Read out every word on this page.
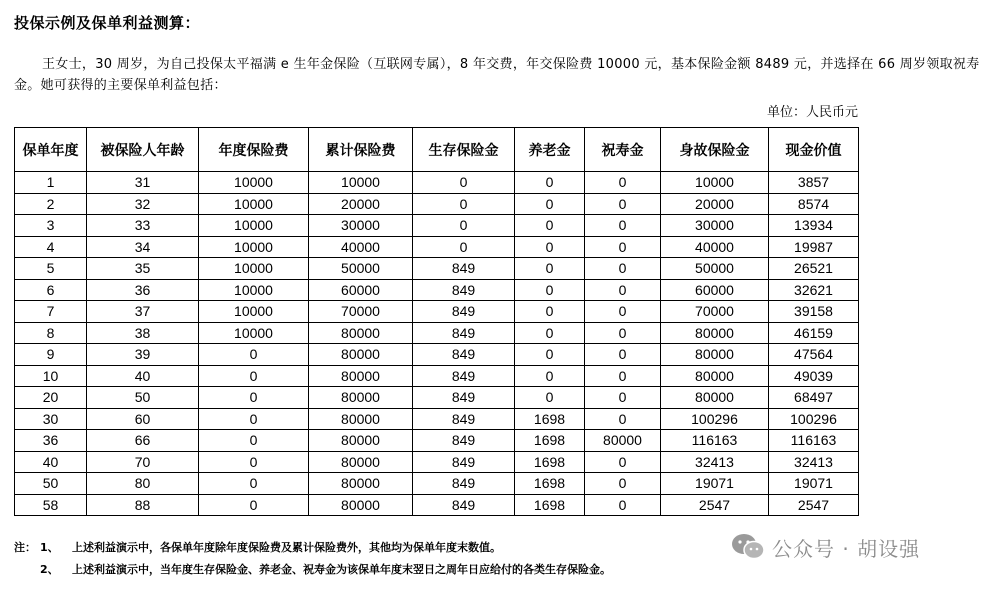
投保示例及保单利益测算：
王女士，30 周岁，为自己投保太平福满 e 生年金保险（互联网专属），8 年交费，年交保险费 10000 元，基本保险金额 8489 元，并选择在 66 周岁领取祝寿金。她可获得的主要保单利益包括：
单位：人民币元
保单年度	被保险人年龄	年度保险费	累计保险费	生存保险金	养老金	祝寿金	身故保险金	现金价值
1	31	10000	10000	0	0	0	10000	3857
2	32	10000	20000	0	0	0	20000	8574
3	33	10000	30000	0	0	0	30000	13934
4	34	10000	40000	0	0	0	40000	19987
5	35	10000	50000	849	0	0	50000	26521
6	36	10000	60000	849	0	0	60000	32621
7	37	10000	70000	849	0	0	70000	39158
8	38	10000	80000	849	0	0	80000	46159
9	39	0	80000	849	0	0	80000	47564
10	40	0	80000	849	0	0	80000	49039
20	50	0	80000	849	0	0	80000	68497
30	60	0	80000	849	1698	0	100296	100296
36	66	0	80000	849	1698	80000	116163	116163
40	70	0	80000	849	1698	0	32413	32413
50	80	0	80000	849	1698	0	19071	19071
58	88	0	80000	849	1698	0	2547	2547
注： 1、	上述利益演示中，各保单年度除年度保险费及累计保险费外，其他均为保单年度末数值。
2、	上述利益演示中，当年度生存保险金、养老金、祝寿金为该保单年度末翌日之周年日应给付的各类生存保险金。
公众号 · 胡设强
